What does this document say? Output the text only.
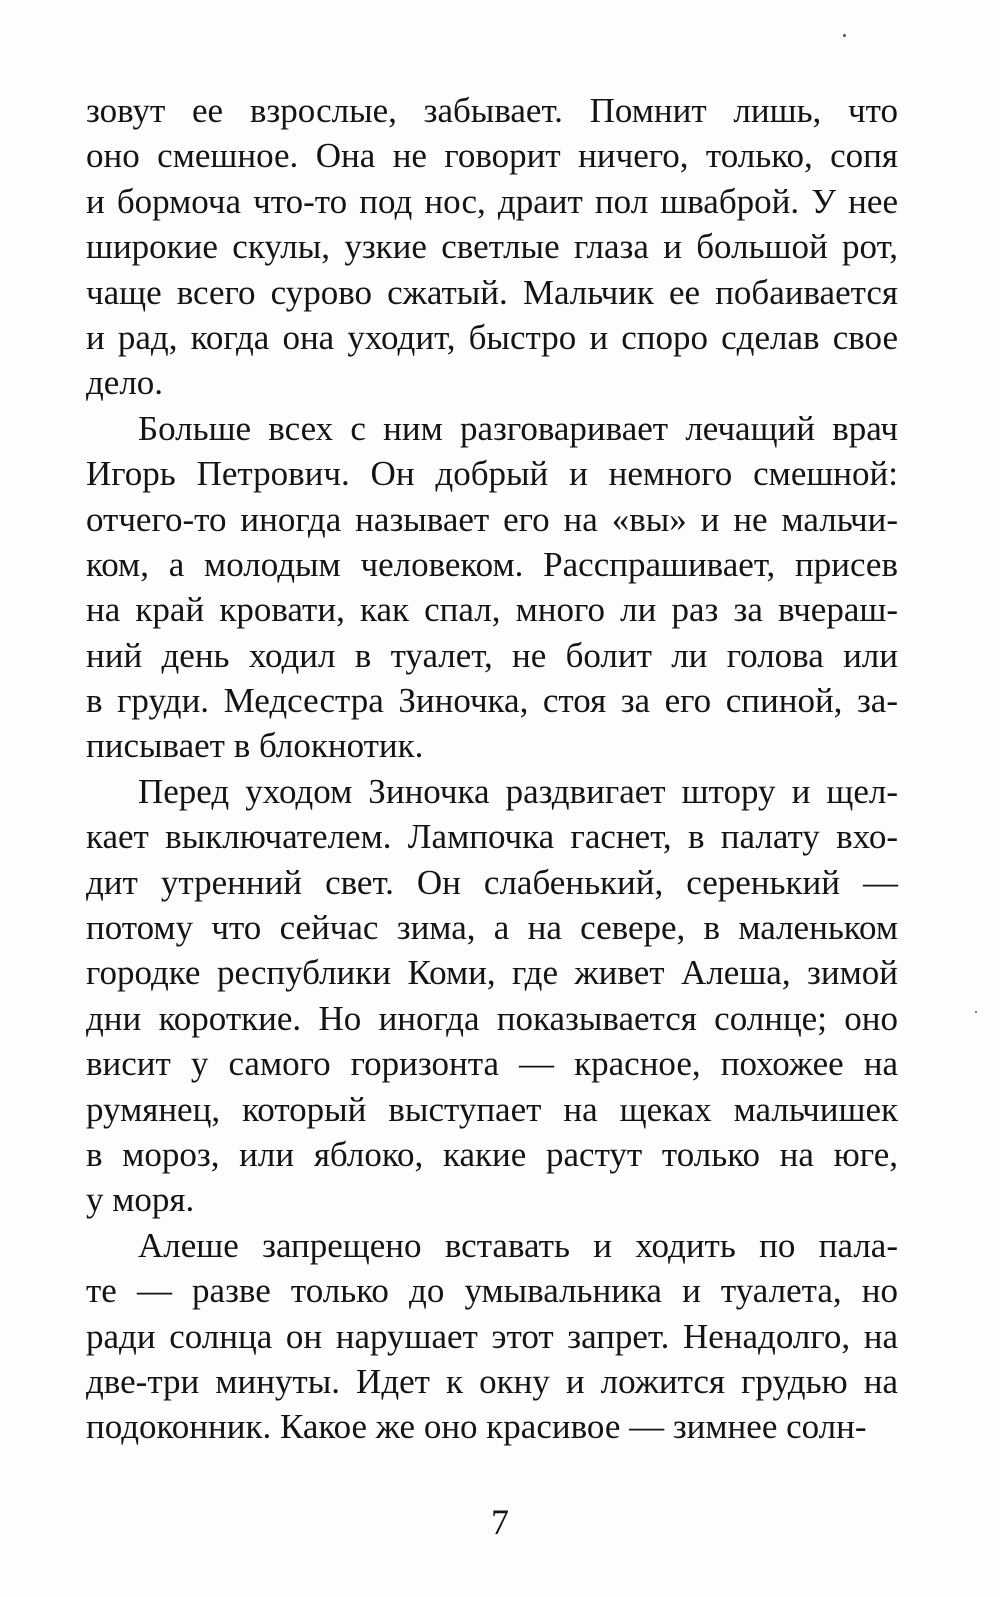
зовут ее взрослые, забывает. Помнит лишь, что
оно смешное. Она не говорит ничего, только, сопя
и бормоча что-то под нос, драит пол шваброй. У нее
широкие скулы, узкие светлые глаза и большой рот,
чаще всего сурово сжатый. Мальчик ее побаивается
и рад, когда она уходит, быстро и споро сделав свое
дело.
Больше всех с ним разговаривает лечащий врач
Игорь Петрович. Он добрый и немного смешной:
отчего-то иногда называет его на «вы» и не мальчи-
ком, а молодым человеком. Расспрашивает, присев
на край кровати, как спал, много ли раз за вчераш-
ний день ходил в туалет, не болит ли голова или
в груди. Медсестра Зиночка, стоя за его спиной, за-
писывает в блокнотик.
Перед уходом Зиночка раздвигает штору и щел-
кает выключателем. Лампочка гаснет, в палату вхо-
дит утренний свет. Он слабенький, серенький —
потому что сейчас зима, а на севере, в маленьком
городке республики Коми, где живет Алеша, зимой
дни короткие. Но иногда показывается солнце; оно
висит у самого горизонта — красное, похожее на
румянец, который выступает на щеках мальчишек
в мороз, или яблоко, какие растут только на юге,
у моря.
Алеше запрещено вставать и ходить по пала-
те — разве только до умывальника и туалета, но
ради солнца он нарушает этот запрет. Ненадолго, на
две-три минуты. Идет к окну и ложится грудью на
подоконник. Какое же оно красивое — зимнее солн-
7
